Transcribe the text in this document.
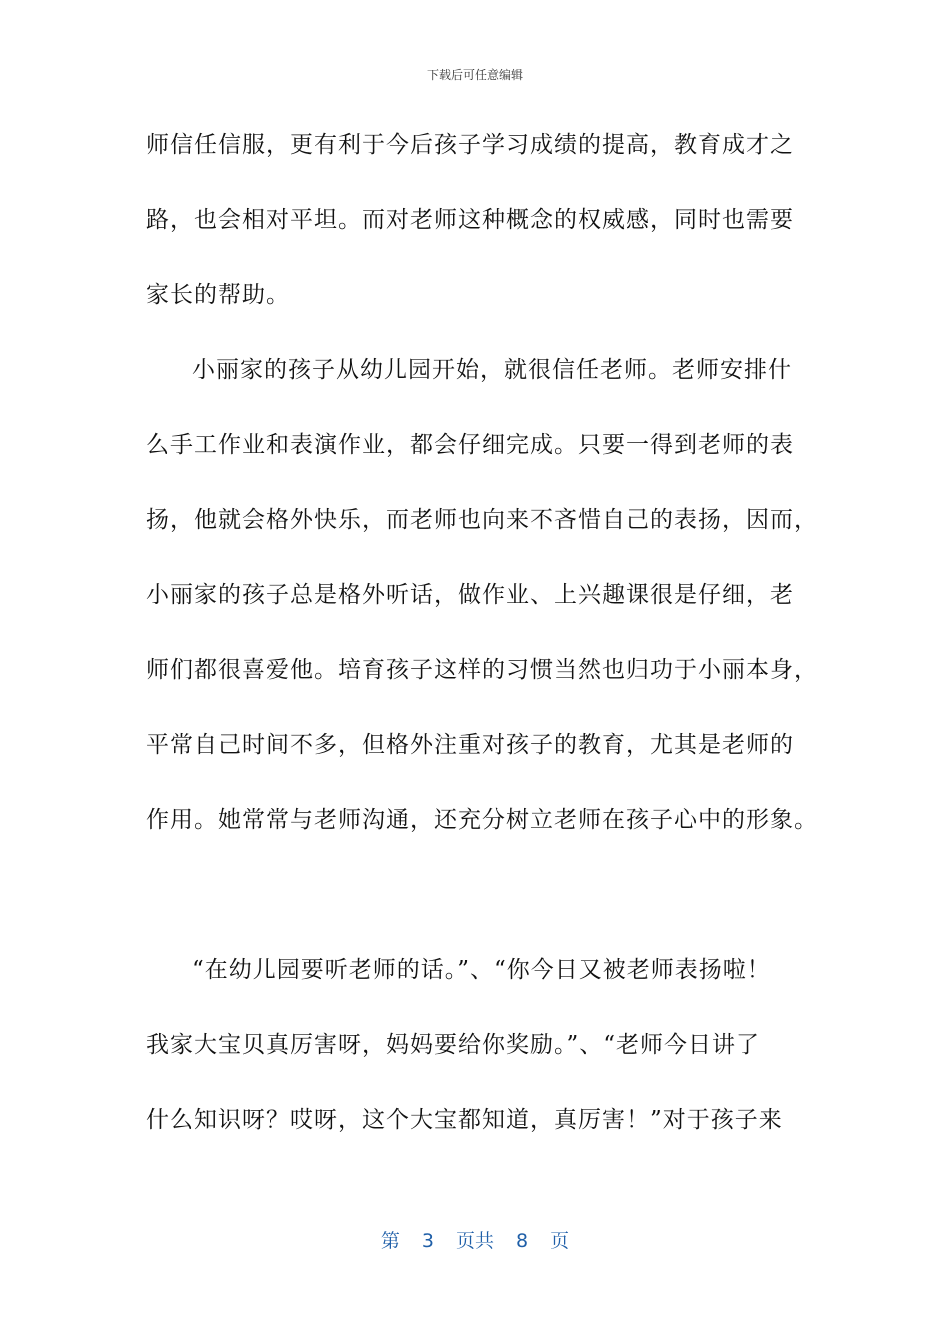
下载后可任意编辑
师信任信服，更有利于今后孩子学习成绩的提高，教育成才之
路，也会相对平坦。而对老师这种概念的权威感，同时也需要
家长的帮助。
小丽家的孩子从幼儿园开始，就很信任老师。老师安排什
么手工作业和表演作业，都会仔细完成。只要一得到老师的表
扬，他就会格外快乐，而老师也向来不吝惜自己的表扬，因而，
小丽家的孩子总是格外听话，做作业、上兴趣课很是仔细，老
师们都很喜爱他。培育孩子这样的习惯当然也归功于小丽本身，
平常自己时间不多，但格外注重对孩子的教育，尤其是老师的
作用。她常常与老师沟通，还充分树立老师在孩子心中的形象。
“在幼儿园要听老师的话。”、“你今日又被老师表扬啦！
我家大宝贝真厉害呀，妈妈要给你奖励。”、“老师今日讲了
什么知识呀？哎呀，这个大宝都知道，真厉害！”对于孩子来
第 3 页共 8 页
